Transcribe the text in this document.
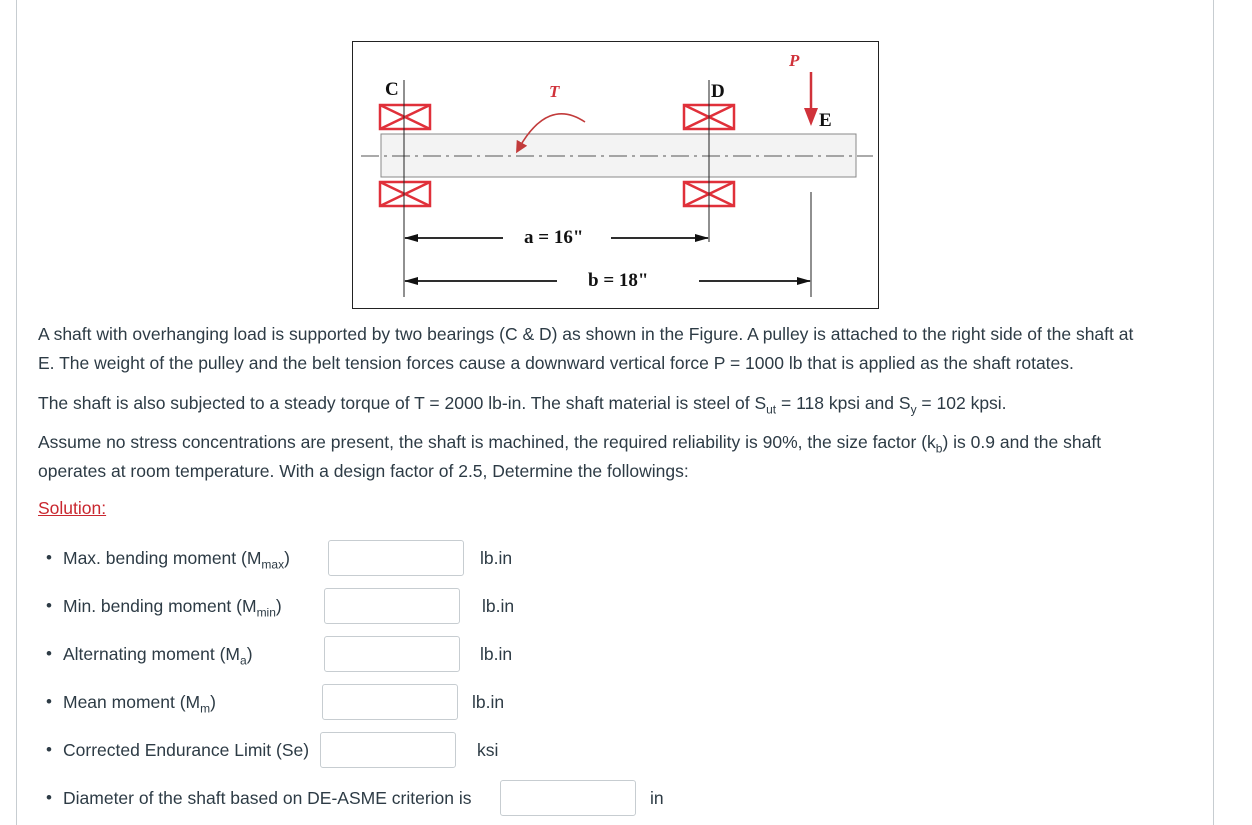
C	T	D
P
E
a = 16"
b = 18"

A shaft with overhanging load is supported by two bearings (C & D) as shown in the Figure. A pulley is attached to the right side of the shaft at
E. The weight of the pulley and the belt tension forces cause a downward vertical force P = 1000 lb that is applied as the shaft rotates.

The shaft is also subjected to a steady torque of T = 2000 lb-in. The shaft material is steel of $S_{ut} = 118$ kpsi and $S_y = 102$ kpsi.

Assume no stress concentrations are present, the shaft is machined, the required reliability is 90%, the size factor $(k_b)$ is 0.9 and the shaft
operates at room temperature. With a design factor of 2.5, Determine the followings:

Solution:
• Max. bending moment $(M_{max})$	lb.in
• Min. bending moment $(M_{min})$	lb.in
• Alternating moment $(M_a)$	lb.in
• Mean moment $(M_m)$	lb.in
• Corrected Endurance Limit (Se)	ksi
• Diameter of the shaft based on DE-ASME criterion is	in
